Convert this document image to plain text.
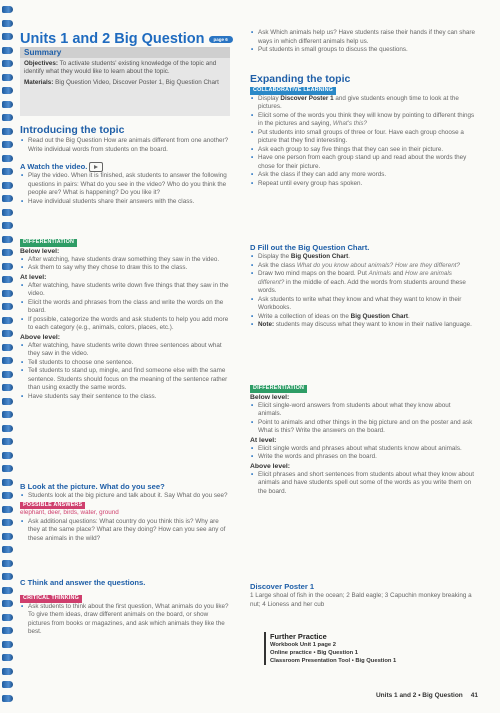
Units 1 and 2 Big Question page 6
Summary

Objectives: To activate students' existing knowledge of the topic and identify what they would like to learn about the topic.

Materials: Big Question Video, Discover Poster 1, Big Question Chart

Introducing the topic
• Read out the Big Question How are animals different from one another? Write individual words from students on the board.
A Watch the video.
• Play the video. When it is finished, ask students to answer the following questions in pairs: What do you see in the video? Who do you think the people are? What is happening? Do you like it?
• Have individual students share their answers with the class.
DIFFERENTIATION
Below level:
• After watching, have students draw something they saw in the video.
• Ask them to say why they chose to draw this to the class.
At level:
• After watching, have students write down five things that they saw in the video.
• Elicit the words and phrases from the class and write the words on the board.
• If possible, categorize the words and ask students to help you add more to each category (e.g., animals, colors, places, etc.).
Above level:
• After watching, have students write down three sentences about what they saw in the video.
• Tell students to choose one sentence.
• Tell students to stand up, mingle, and find someone else with the same sentence. Students should focus on the meaning of the sentence rather than using exactly the same words.
• Have students say their sentence to the class.
B Look at the picture. What do you see?
• Students look at the big picture and talk about it. Say What do you see?
POSSIBLE ANSWERS
elephant, deer, birds, water, ground
• Ask additional questions: What country do you think this is? Why are they at the same place? What are they doing? How can you see any of these animals in the wild?
C Think and answer the questions.
CRITICAL THINKING
• Ask students to think about the first question, What animals do you like? To give them ideas, draw different animals on the board, or show pictures from books or magazines, and ask which animals they like the best.
• Ask Which animals help us? Have students raise their hands if they can share ways in which different animals help us.
• Put students in small groups to discuss the questions.
Expanding the topic
COLLABORATIVE LEARNING
• Display Discover Poster 1 and give students enough time to look at the pictures.
• Elicit some of the words you think they will know by pointing to different things in the pictures and saying, What's this?
• Put students into small groups of three or four. Have each group choose a picture that they find interesting.
• Ask each group to say five things that they can see in their picture.
• Have one person from each group stand up and read about the words they chose for their picture.
• Ask the class if they can add any more words.
• Repeat until every group has spoken.
D Fill out the Big Question Chart.
• Display the Big Question Chart.
• Ask the class What do you know about animals? How are they different?
• Draw two mind maps on the board. Put Animals and How are animals different? in the middle of each. Add the words from students around these words.
• Ask students to write what they know and what they want to know in their Workbooks.
• Write a collection of ideas on the Big Question Chart.
• Note: students may discuss what they want to know in their native language.
DIFFERENTIATION
Below level:
• Elicit single-word answers from students about what they know about animals.
• Point to animals and other things in the big picture and on the poster and ask What is this? Write the answers on the board.
At level:
• Elicit single words and phrases about what students know about animals.
• Write the words and phrases on the board.
Above level:
• Elicit phrases and short sentences from students about what they know about animals and have students spell out some of the words as you write them on the board.
Discover Poster 1
1 Large shoal of fish in the ocean; 2 Bald eagle; 3 Capuchin monkey breaking a nut; 4 Lioness and her cub
Further Practice
Workbook Unit 1 page 2
Online practice • Big Question 1
Classroom Presentation Tool • Big Question 1
Units 1 and 2 • Big Question 41
